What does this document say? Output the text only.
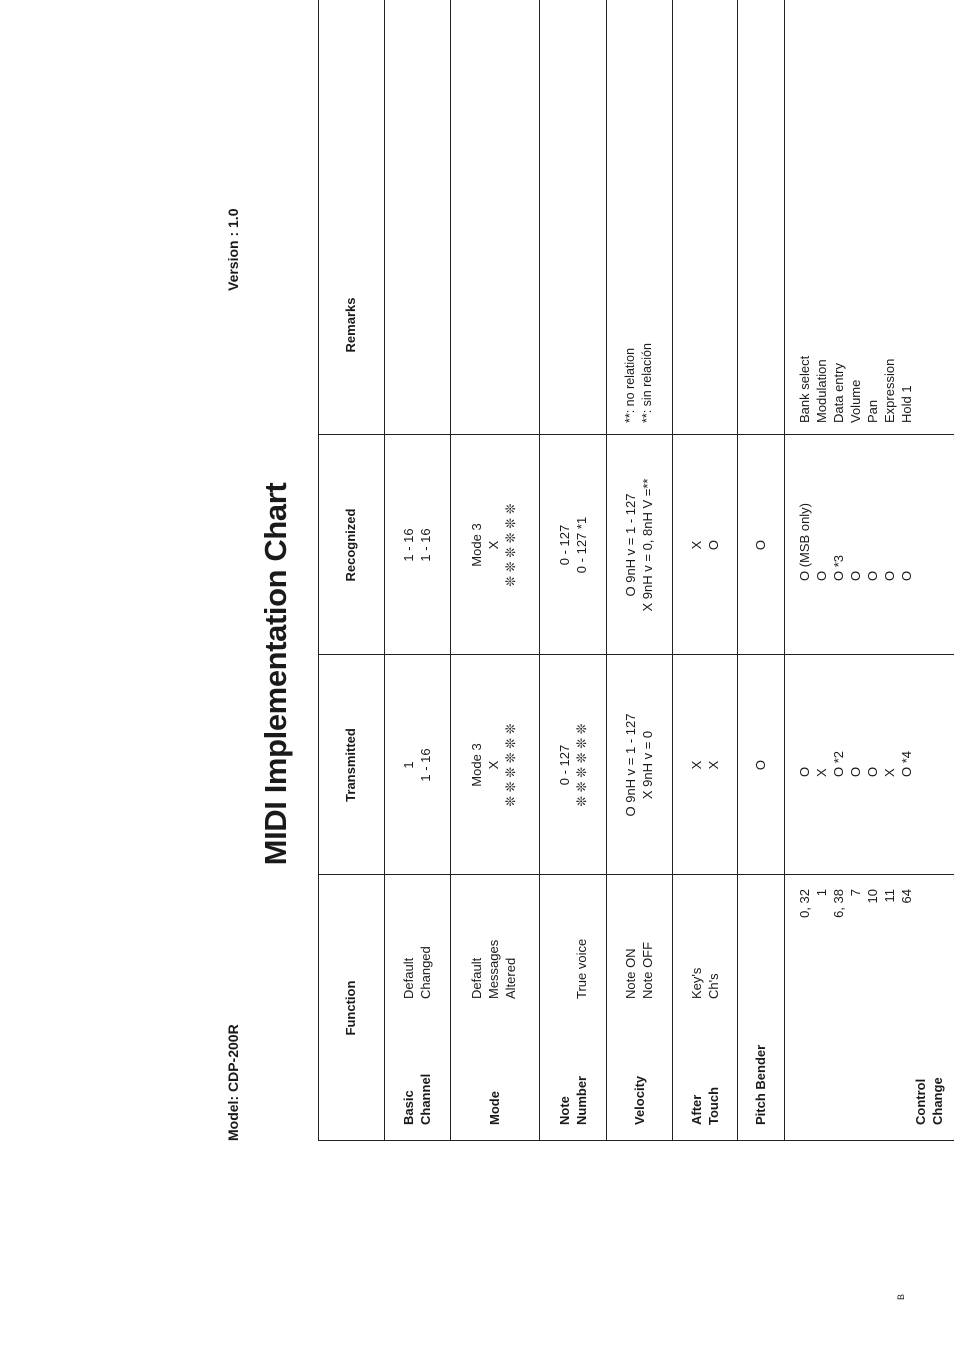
Model: CDP-200R
MIDI Implementation Chart
Version : 1.0
B
Function
Transmitted
Recognized
Remarks
Basic Channel
Default Changed
1 1 - 16
1 - 16 1 - 16
Mode
Default Messages Altered
Mode 3 X ❊ ❊ ❊ ❊ ❊ ❊
Mode 3 X ❊ ❊ ❊ ❊ ❊ ❊
Note Number
True voice
0 - 127 ❊ ❊ ❊ ❊ ❊ ❊
0 - 127 0 - 127 *1
Velocity
Note ON Note OFF
O 9nH v = 1 - 127 X 9nH v = 0
O 9nH v = 1 - 127 X 9nH v = 0, 8nH V =**
**: no relation **: sin relación
After Touch
Key's Ch's
X X
X O
Pitch Bender
O
O
Control Change
0, 32 1 6, 38 7 10 11 64
O X O *2 O O X O *4
O (MSB only) O O *3 O O O O
Bank select Modulation Data entry Volume Pan Expression Hold 1
